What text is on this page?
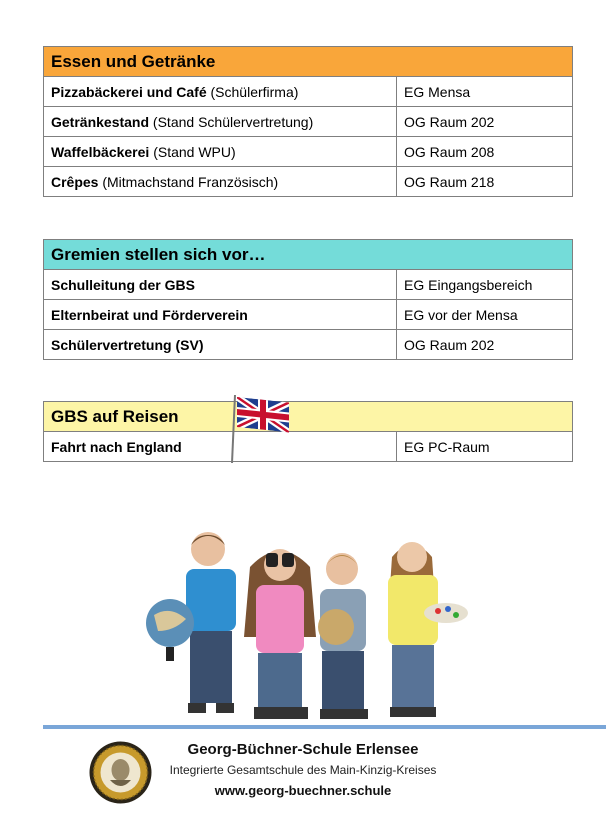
Essen und Getränke	
Pizzabäckerei und Café (Schülerfirma)	EG Mensa
Getränkestand (Stand Schülervertretung)	OG Raum 202
Waffelbäckerei (Stand WPU)	OG Raum 208
Crêpes (Mitmachstand Französisch)	OG Raum 218
Gremien stellen sich vor…	
Schulleitung der GBS	EG Eingangsbereich
Elternbeirat und Förderverein	EG vor der Mensa
Schülervertretung (SV)	OG Raum 202
GBS auf Reisen
Fahrt nach England	EG PC-Raum
Georg-Büchner-Schule Erlensee
Integrierte Gesamtschule des Main-Kinzig-Kreises
www.georg-buechner.schule
